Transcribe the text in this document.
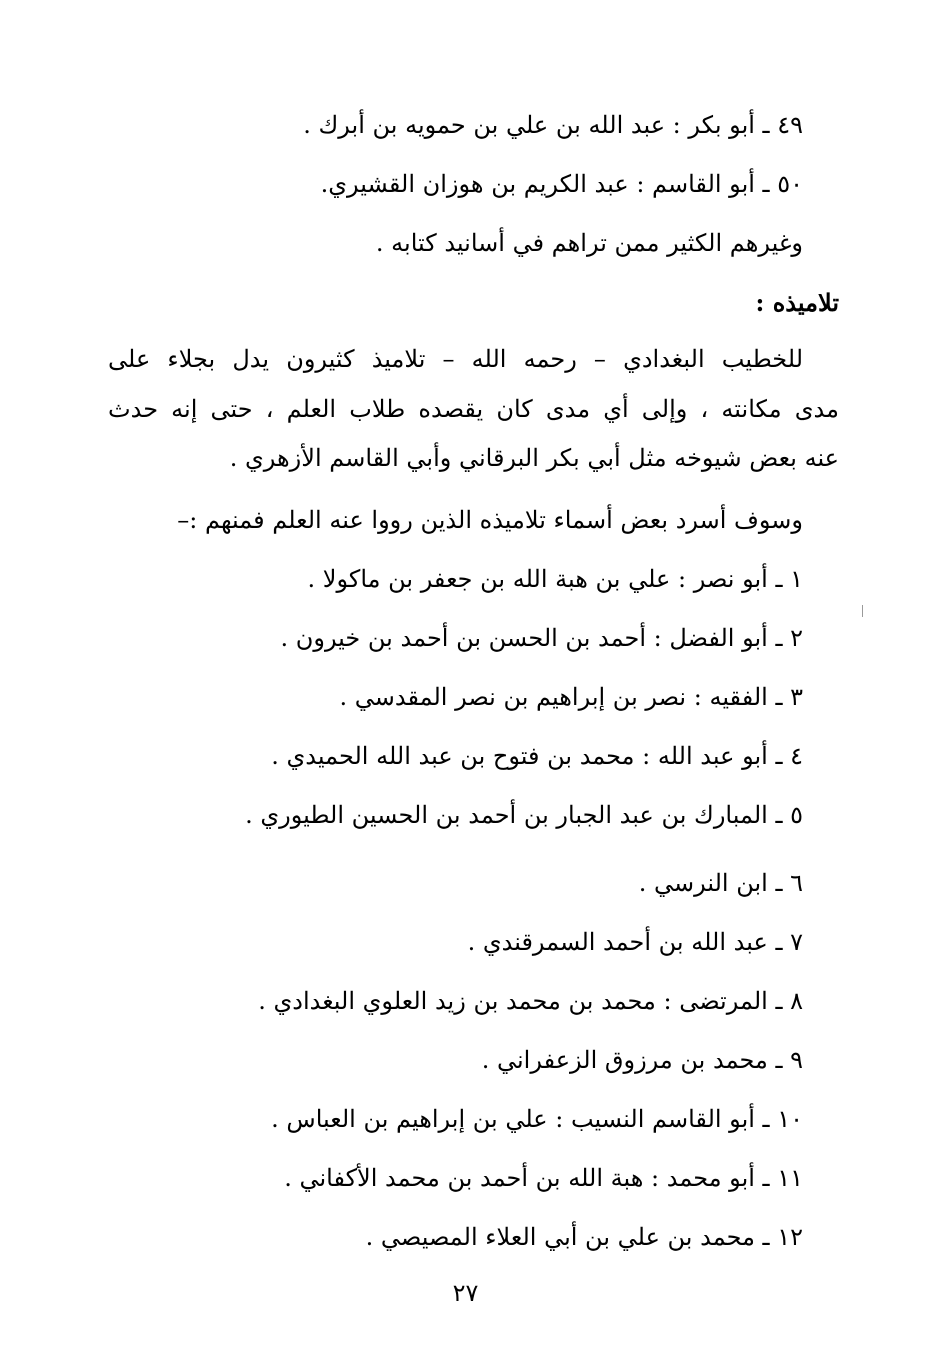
٤٩ ـ أبو بكر : عبد الله بن علي بن حمويه بن أبرك .
٥٠ ـ أبو القاسم : عبد الكريم بن هوزان القشيري.
وغيرهم الكثير ممن تراهم في أسانيد كتابه .
تلاميذه :
للخطيب البغدادي – رحمه الله – تلاميذ كثيرون يدل بجلاء على
مدى مكانته ، وإلى أي مدى كان يقصده طلاب العلم ، حتى إنه حدث
عنه بعض شيوخه مثل أبي بكر البرقاني وأبي القاسم الأزهري .
وسوف أسرد بعض أسماء تلاميذه الذين رووا عنه العلم فمنهم :–
١ ـ أبو نصر : علي بن هبة الله بن جعفر بن ماكولا .
٢ ـ أبو الفضل : أحمد بن الحسن بن أحمد بن خيرون .
٣ ـ الفقيه : نصر بن إبراهيم بن نصر المقدسي .
٤ ـ أبو عبد الله : محمد بن فتوح بن عبد الله الحميدي .
٥ ـ المبارك بن عبد الجبار بن أحمد بن الحسين الطيوري .
٦ ـ ابن النرسي .
٧ ـ عبد الله بن أحمد السمرقندي .
٨ ـ المرتضى : محمد بن محمد بن زيد العلوي البغدادي .
٩ ـ محمد بن مرزوق الزعفراني .
١٠ ـ أبو القاسم النسيب : علي بن إبراهيم بن العباس .
١١ ـ أبو محمد : هبة الله بن أحمد بن محمد الأكفاني .
١٢ ـ محمد بن علي بن أبي العلاء المصيصي .
٢٧
